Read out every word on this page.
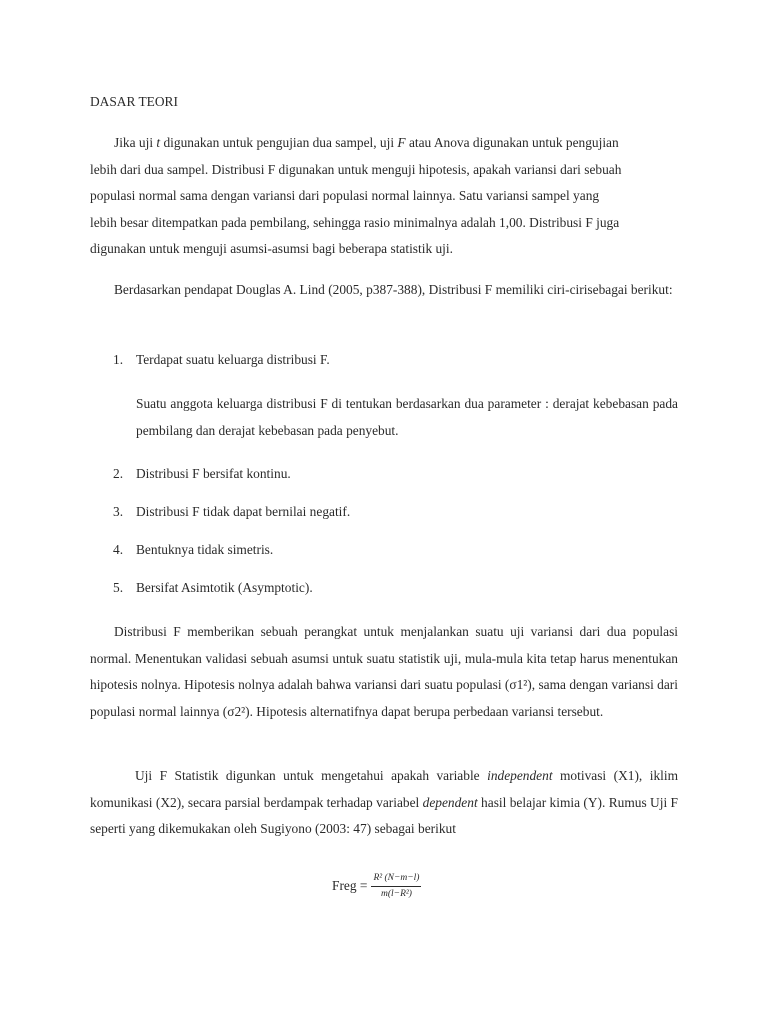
DASAR TEORI
Jika uji t digunakan untuk pengujian dua sampel, uji F atau Anova digunakan untuk pengujian
lebih dari dua sampel. Distribusi F digunakan untuk menguji hipotesis, apakah variansi dari sebuah
populasi normal sama dengan variansi dari populasi normal lainnya. Satu variansi sampel yang
lebih besar ditempatkan pada pembilang, sehingga rasio minimalnya adalah 1,00. Distribusi F juga
digunakan untuk menguji asumsi-asumsi bagi beberapa statistik uji.
Berdasarkan pendapat Douglas A. Lind (2005, p387-388), Distribusi F memiliki ciri-cirisebagai berikut:
1. Terdapat suatu keluarga distribusi F.
Suatu anggota keluarga distribusi F di tentukan berdasarkan dua parameter : derajat kebebasan pada pembilang dan derajat kebebasan pada penyebut.
2. Distribusi F bersifat kontinu.
3. Distribusi F tidak dapat bernilai negatif.
4. Bentuknya tidak simetris.
5. Bersifat Asimtotik (Asymptotic).
Distribusi F memberikan sebuah perangkat untuk menjalankan suatu uji variansi dari dua populasi normal. Menentukan validasi sebuah asumsi untuk suatu statistik uji, mula-mula kita tetap harus menentukan hipotesis nolnya. Hipotesis nolnya adalah bahwa variansi dari suatu populasi (σ1²), sama dengan variansi dari populasi normal lainnya (σ2²). Hipotesis alternatifnya dapat berupa perbedaan variansi tersebut.
Uji F Statistik digunkan untuk mengetahui apakah variable independent motivasi (X1), iklim komunikasi (X2), secara parsial berdampak terhadap variabel dependent hasil belajar kimia (Y). Rumus Uji F seperti yang dikemukakan oleh Sugiyono (2003: 47) sebagai berikut
Freg = $\frac{\text{R² (N−m−l)}}{\text{m(l−R²)}}$
